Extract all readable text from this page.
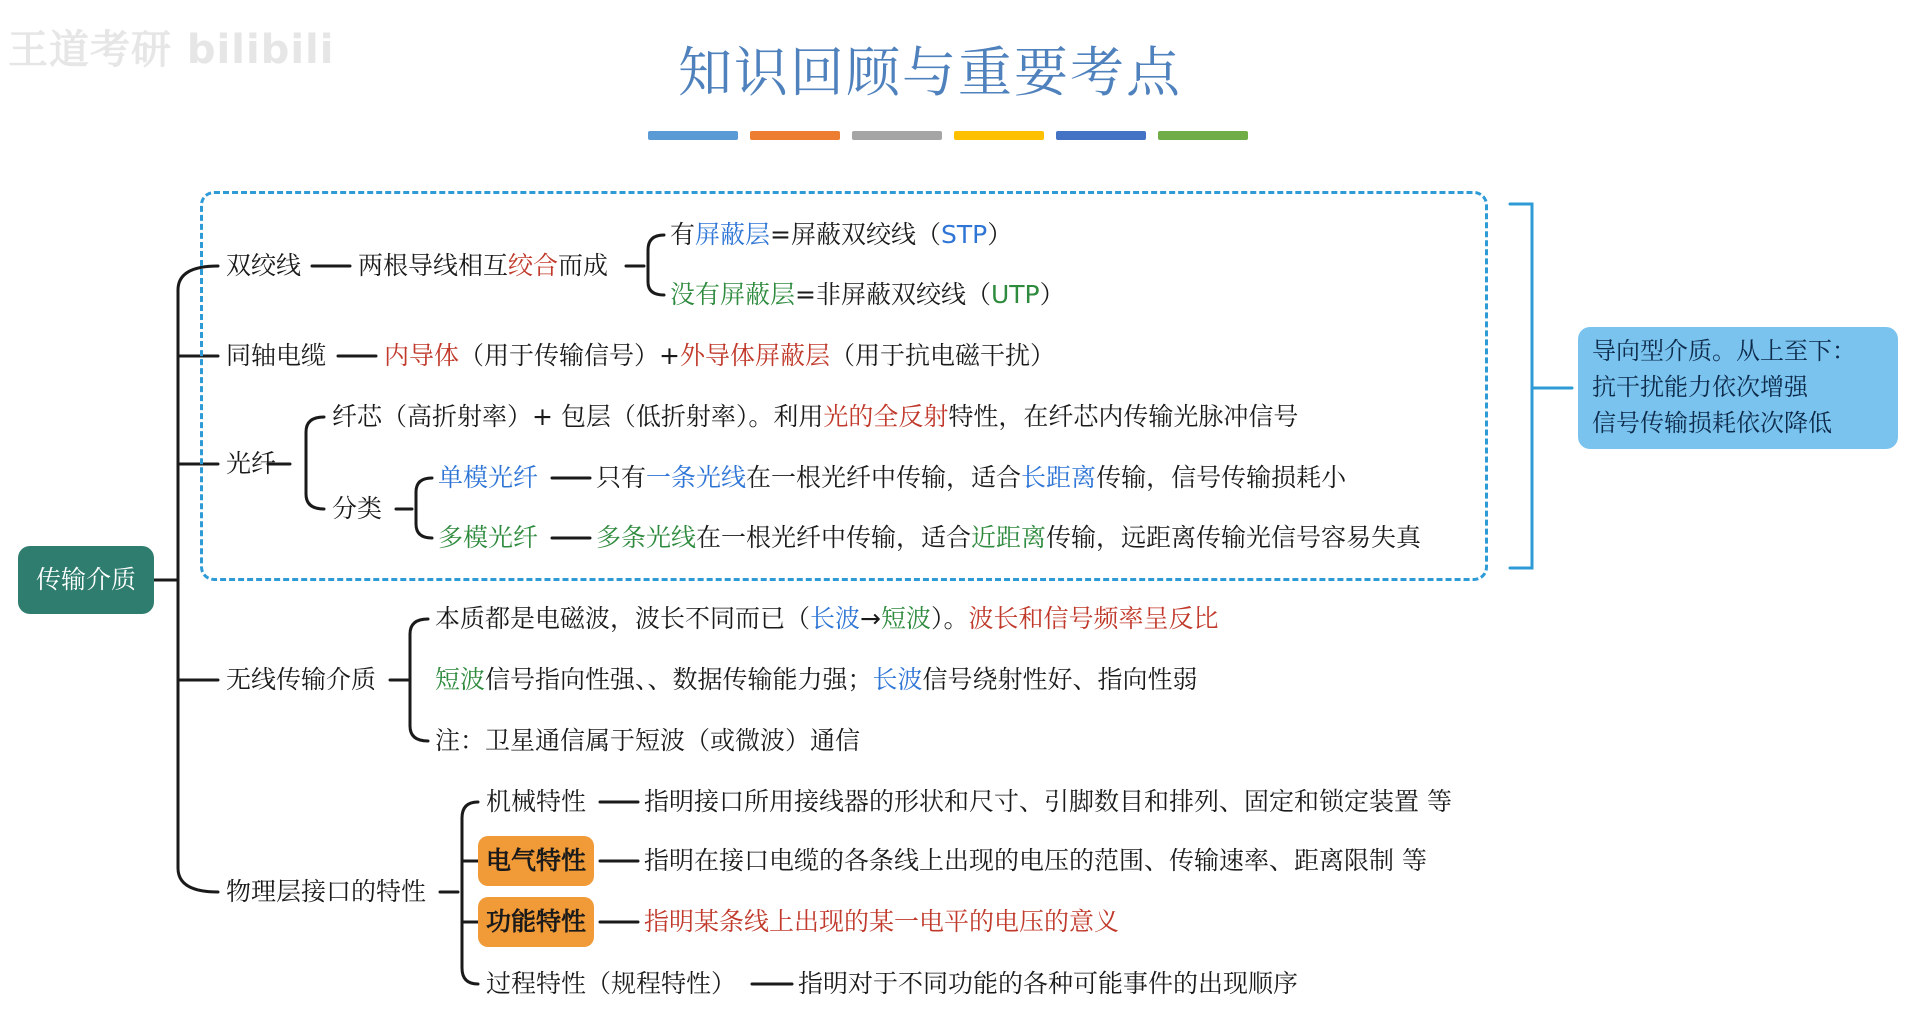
王道考研 bilibili	知识回顾与重要考点
传输介质
导向型介质。从上至下：
抗干扰能力依次增强
信号传输损耗依次降低
双绞线
同轴电缆
光纤
分类
无线传输介质
物理层接口的特性
机械特性
电气特性
功能特性
过程特性（规程特性）
两根导线相互绞合而成
有屏蔽层=屏蔽双绞线（STP）
没有屏蔽层=非屏蔽双绞线（UTP）
内导体（用于传输信号）+外导体屏蔽层（用于抗电磁干扰）
纤芯（高折射率）+ 包层（低折射率）。利用光的全反射特性，在纤芯内传输光脉冲信号
单模光纤 只有一条光线在一根光纤中传输，适合长距离传输，信号传输损耗小
多模光纤 多条光线在一根光纤中传输，适合近距离传输，远距离传输光信号容易失真
本质都是电磁波，波长不同而已（长波→短波）。波长和信号频率呈反比
短波信号指向性强、、数据传输能力强；长波信号绕射性好、指向性弱
注：卫星通信属于短波（或微波）通信
指明接口所用接线器的形状和尺寸、引脚数目和排列、固定和锁定装置 等
指明在接口电缆的各条线上出现的电压的范围、传输速率、距离限制 等
指明某条线上出现的某一电平的电压的意义
指明对于不同功能的各种可能事件的出现顺序
